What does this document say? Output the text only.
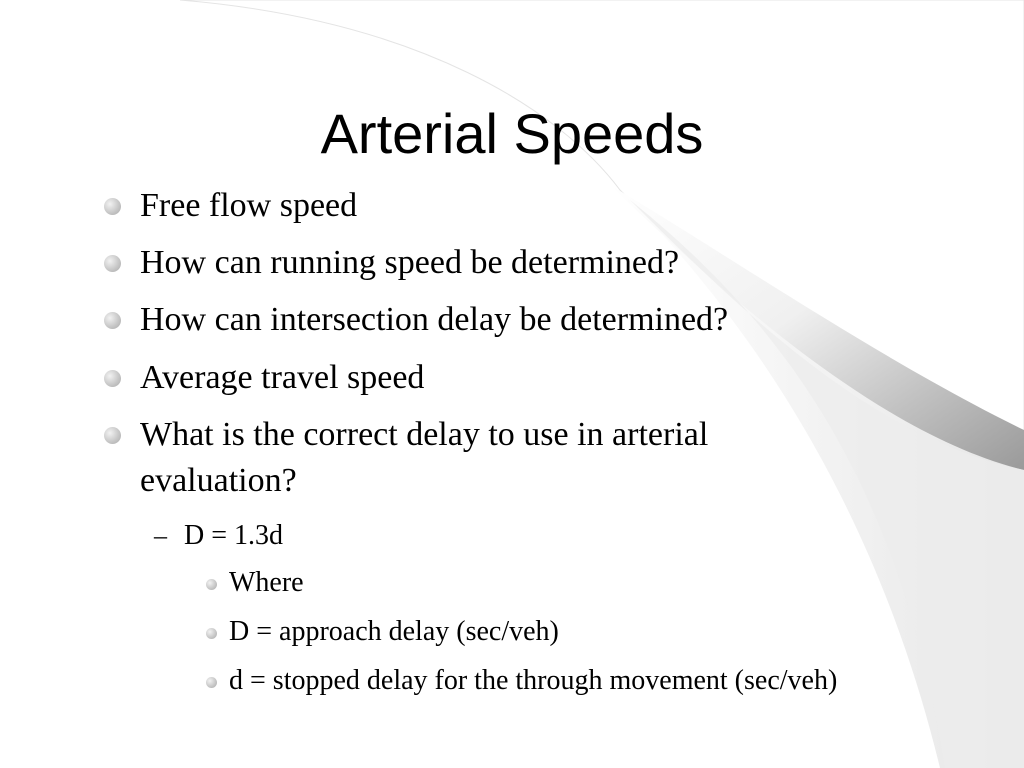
Arterial Speeds
Free flow speed
How can running speed be determined?
How can intersection delay be determined?
Average travel speed
What is the correct delay to use in arterial evaluation?
– D = 1.3d
Where
D = approach delay (sec/veh)
d = stopped delay for the through movement (sec/veh)
